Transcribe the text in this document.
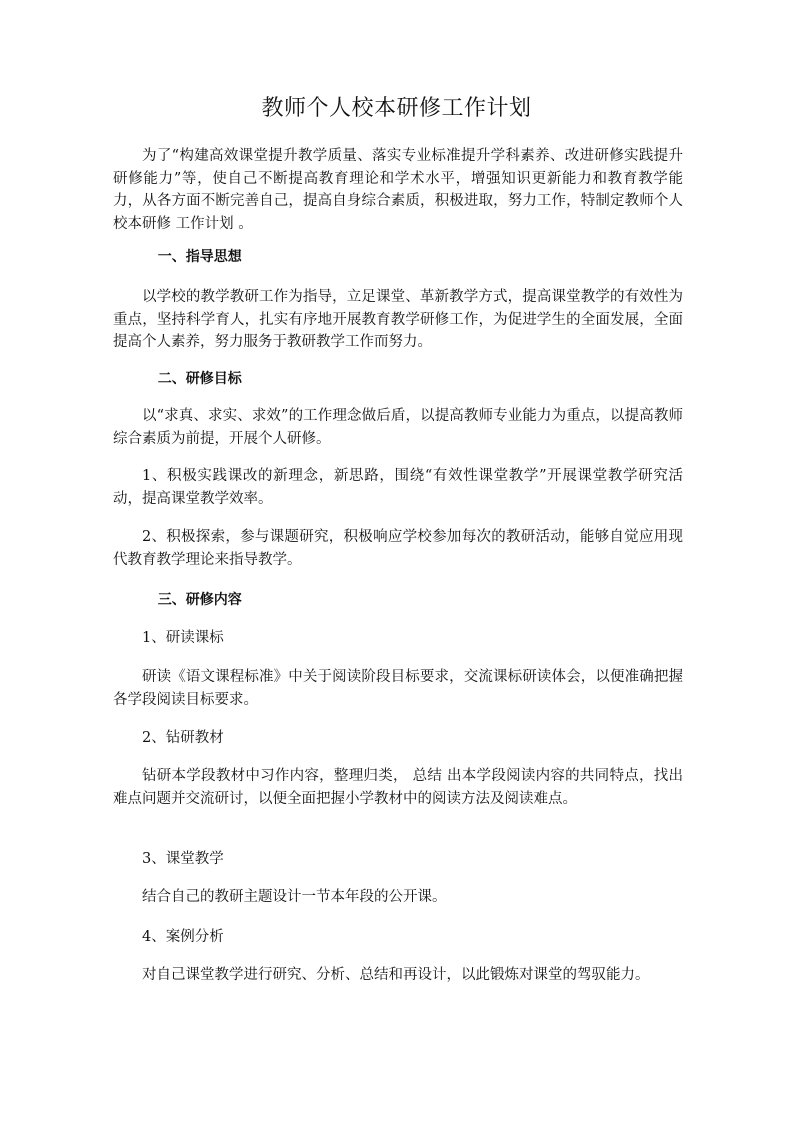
教师个人校本研修工作计划

为了“构建高效课堂提升教学质量、落实专业标准提升学科素养、改进研修实践提升研修能力”等，使自己不断提高教育理论和学术水平，增强知识更新能力和教育教学能力，从各方面不断完善自己，提高自身综合素质，积极进取，努力工作，特制定教师个人校本研修 工作计划 。

一、指导思想

以学校的教学教研工作为指导，立足课堂、革新教学方式，提高课堂教学的有效性为重点，坚持科学育人，扎实有序地开展教育教学研修工作，为促进学生的全面发展，全面提高个人素养，努力服务于教研教学工作而努力。

二、研修目标

以“求真、求实、求效”的工作理念做后盾，以提高教师专业能力为重点，以提高教师综合素质为前提，开展个人研修。

1、积极实践课改的新理念，新思路，围绕“有效性课堂教学”开展课堂教学研究活动，提高课堂教学效率。

2、积极探索，参与课题研究，积极响应学校参加每次的教研活动，能够自觉应用现代教育教学理论来指导教学。

三、研修内容

1、研读课标

研读《语文课程标准》中关于阅读阶段目标要求，交流课标研读体会，以便准确把握各学段阅读目标要求。

2、钻研教材

钻研本学段教材中习作内容，整理归类， 总结 出本学段阅读内容的共同特点，找出难点问题并交流研讨，以便全面把握小学教材中的阅读方法及阅读难点。

3、课堂教学

结合自己的教研主题设计一节本年段的公开课。

4、案例分析

对自己课堂教学进行研究、分析、总结和再设计，以此锻炼对课堂的驾驭能力。
